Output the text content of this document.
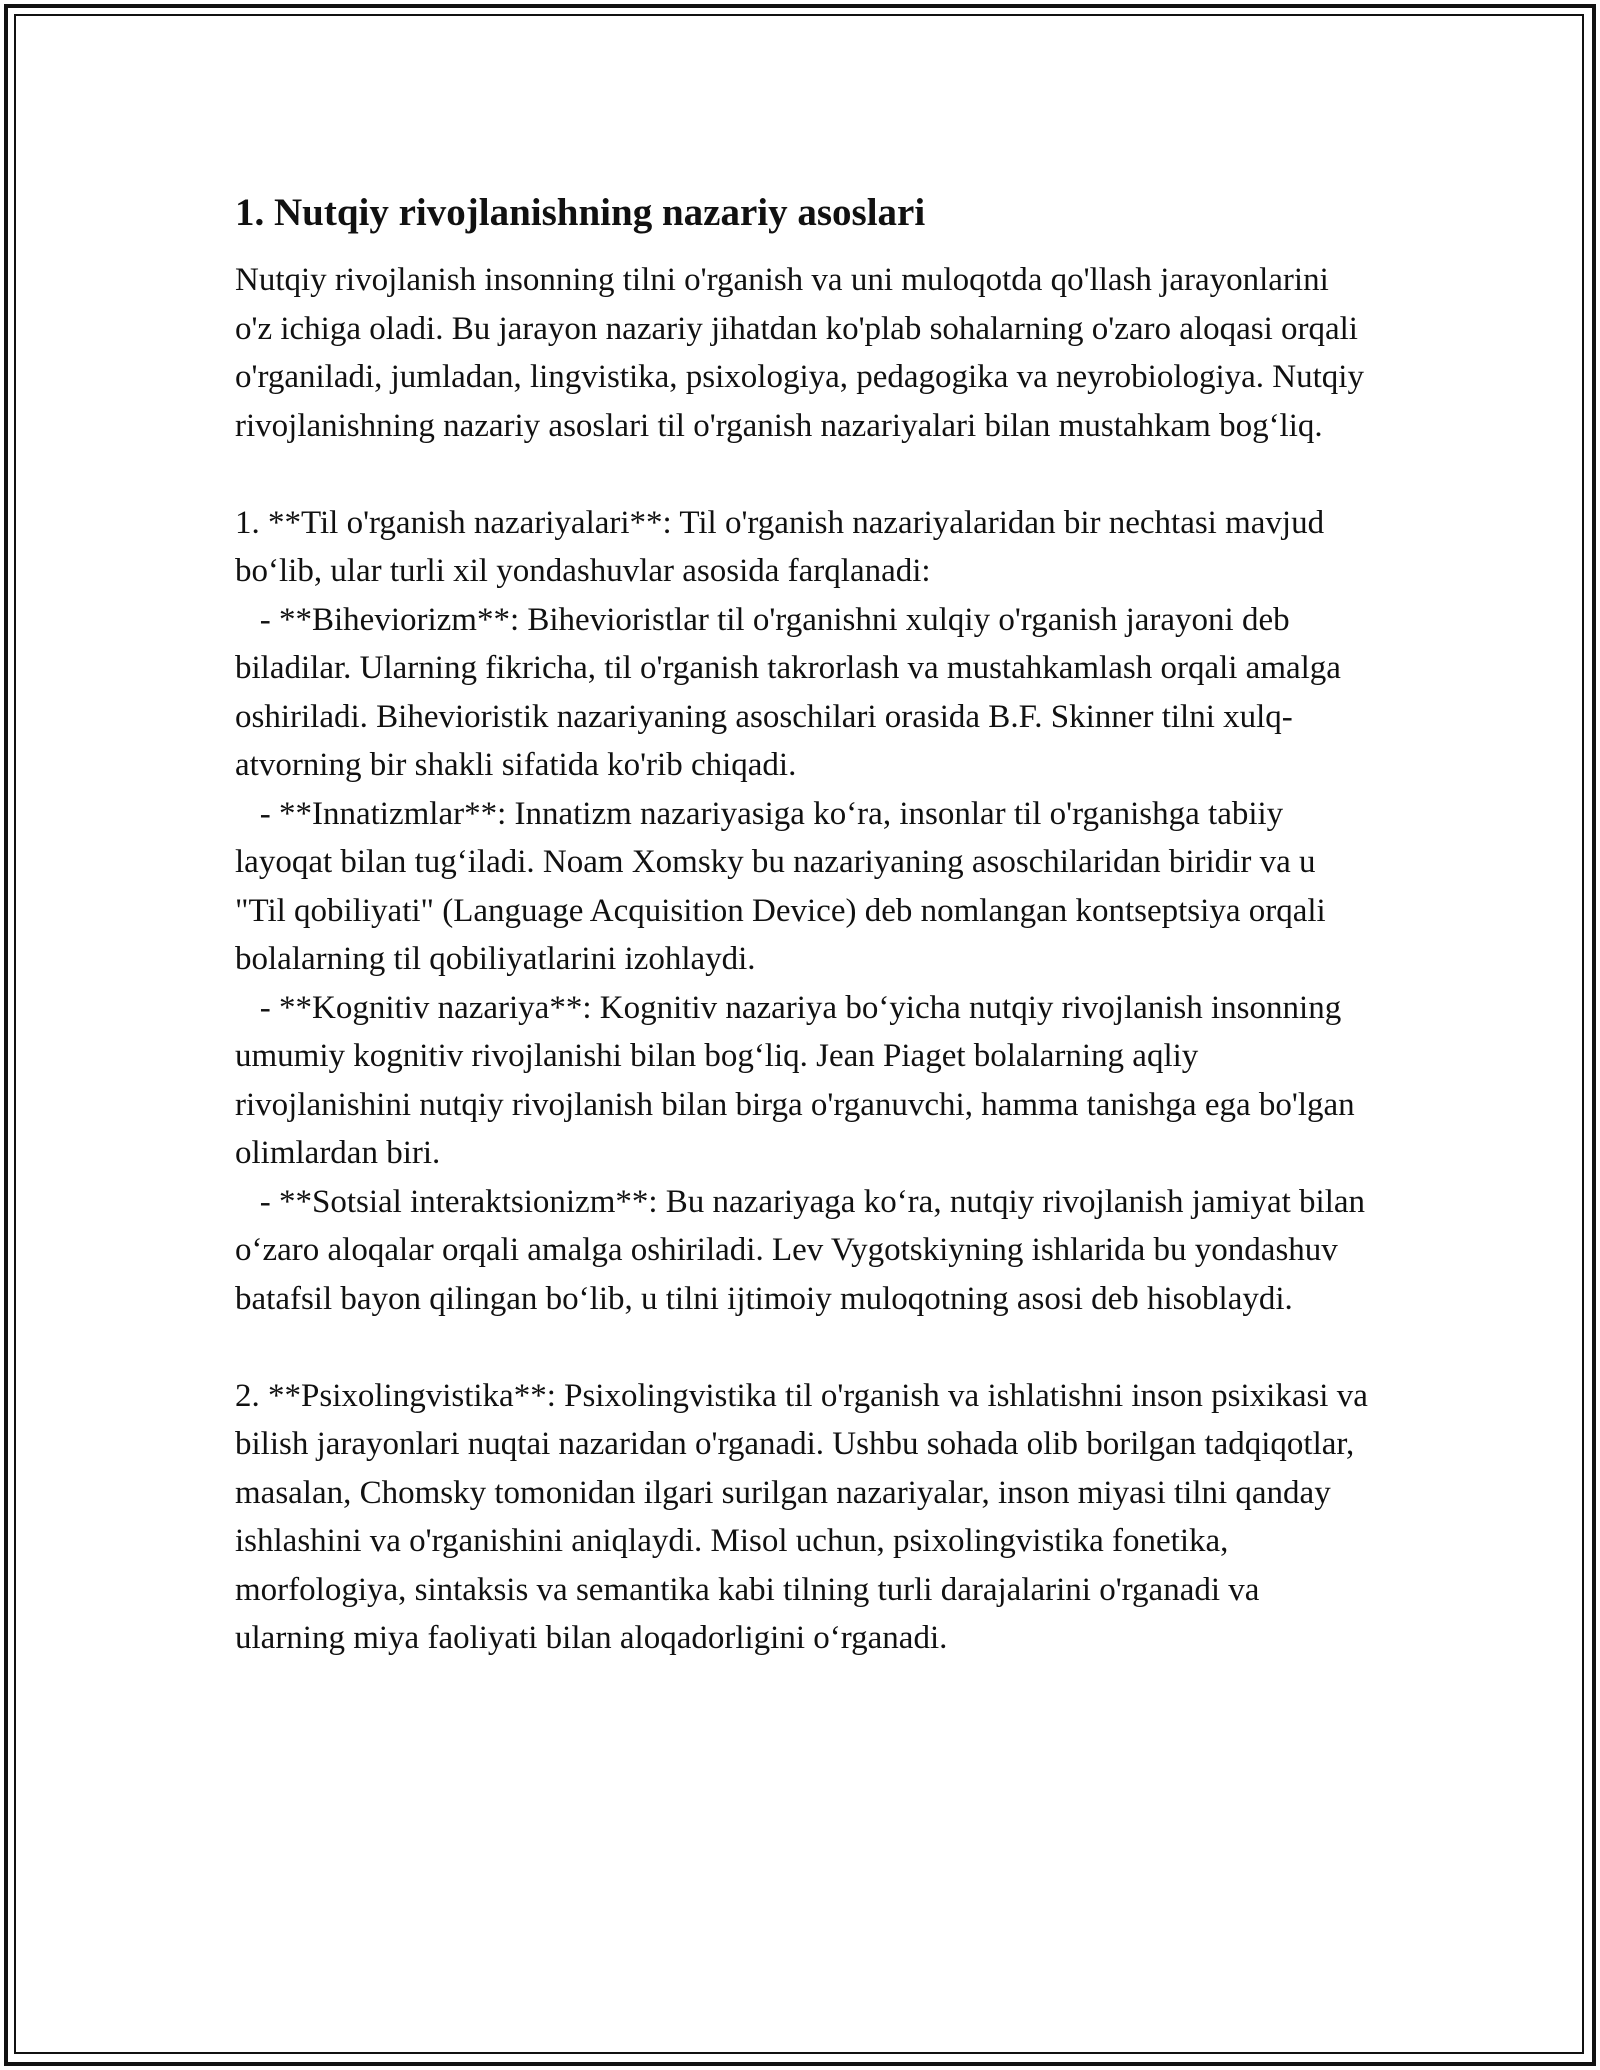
1. Nutqiy rivojlanishning nazariy asoslari

Nutqiy rivojlanish insonning tilni o'rganish va uni muloqotda qo'llash jarayonlarini o'z ichiga oladi. Bu jarayon nazariy jihatdan ko'plab sohalarning o'zaro aloqasi orqali o'rganiladi, jumladan, lingvistika, psixologiya, pedagogika va neyrobiologiya. Nutqiy rivojlanishning nazariy asoslari til o'rganish nazariyalari bilan mustahkam bog‘liq.

1. **Til o'rganish nazariyalari**: Til o'rganish nazariyalaridan bir nechtasi mavjud bo‘lib, ular turli xil yondashuvlar asosida farqlanadi:

- **Biheviorizm**: Bihevioristlar til o'rganishni xulqiy o'rganish jarayoni deb biladilar. Ularning fikricha, til o'rganish takrorlash va mustahkamlash orqali amalga oshiriladi. Bihevioristik nazariyaning asoschilari orasida B.F. Skinner tilni xulq-atvorning bir shakli sifatida ko'rib chiqadi.

- **Innatizmlar**: Innatizm nazariyasiga ko‘ra, insonlar til o'rganishga tabiiy layoqat bilan tug‘iladi. Noam Xomsky bu nazariyaning asoschilaridan biridir va u "Til qobiliyati" (Language Acquisition Device) deb nomlangan kontseptsiya orqali bolalarning til qobiliyatlarini izohlaydi.

- **Kognitiv nazariya**: Kognitiv nazariya bo‘yicha nutqiy rivojlanish insonning umumiy kognitiv rivojlanishi bilan bog‘liq. Jean Piaget bolalarning aqliy rivojlanishini nutqiy rivojlanish bilan birga o'rganuvchi, hamma tanishga ega bo'lgan olimlardan biri.

- **Sotsial interaktsionizm**: Bu nazariyaga ko‘ra, nutqiy rivojlanish jamiyat bilan o‘zaro aloqalar orqali amalga oshiriladi. Lev Vygotskiyning ishlarida bu yondashuv batafsil bayon qilingan bo‘lib, u tilni ijtimoiy muloqotning asosi deb hisoblaydi.

2. **Psixolingvistika**: Psixolingvistika til o'rganish va ishlatishni inson psixikasi va bilish jarayonlari nuqtai nazaridan o'rganadi. Ushbu sohada olib borilgan tadqiqotlar, masalan, Chomsky tomonidan ilgari surilgan nazariyalar, inson miyasi tilni qanday ishlashini va o'rganishini aniqlaydi. Misol uchun, psixolingvistika fonetika, morfologiya, sintaksis va semantika kabi tilning turli darajalarini o'rganadi va ularning miya faoliyati bilan aloqadorligini o‘rganadi.
